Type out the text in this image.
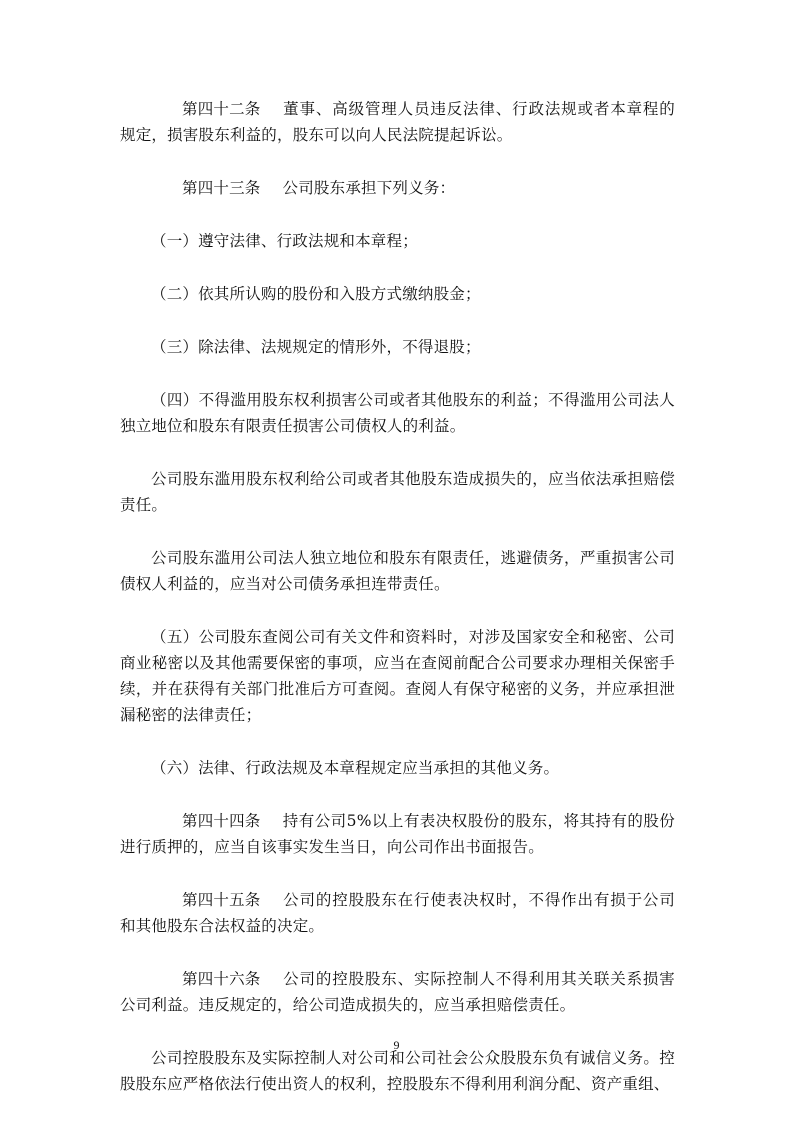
第四十二条 董事、高级管理人员违反法律、行政法规或者本章程的规定，损害股东利益的，股东可以向人民法院提起诉讼。

第四十三条 公司股东承担下列义务：

（一）遵守法律、行政法规和本章程；

（二）依其所认购的股份和入股方式缴纳股金；

（三）除法律、法规规定的情形外，不得退股；

（四）不得滥用股东权利损害公司或者其他股东的利益；不得滥用公司法人独立地位和股东有限责任损害公司债权人的利益。

公司股东滥用股东权利给公司或者其他股东造成损失的，应当依法承担赔偿责任。

公司股东滥用公司法人独立地位和股东有限责任，逃避债务，严重损害公司债权人利益的，应当对公司债务承担连带责任。

（五）公司股东查阅公司有关文件和资料时，对涉及国家安全和秘密、公司商业秘密以及其他需要保密的事项，应当在查阅前配合公司要求办理相关保密手续，并在获得有关部门批准后方可查阅。查阅人有保守秘密的义务，并应承担泄漏秘密的法律责任；

（六）法律、行政法规及本章程规定应当承担的其他义务。

第四十四条 持有公司5%以上有表决权股份的股东，将其持有的股份进行质押的，应当自该事实发生当日，向公司作出书面报告。

第四十五条 公司的控股股东在行使表决权时，不得作出有损于公司和其他股东合法权益的决定。

第四十六条 公司的控股股东、实际控制人不得利用其关联关系损害公司利益。违反规定的，给公司造成损失的，应当承担赔偿责任。

公司控股股东及实际控制人对公司和公司社会公众股股东负有诚信义务。控股股东应严格依法行使出资人的权利，控股股东不得利用利润分配、资产重组、

9
